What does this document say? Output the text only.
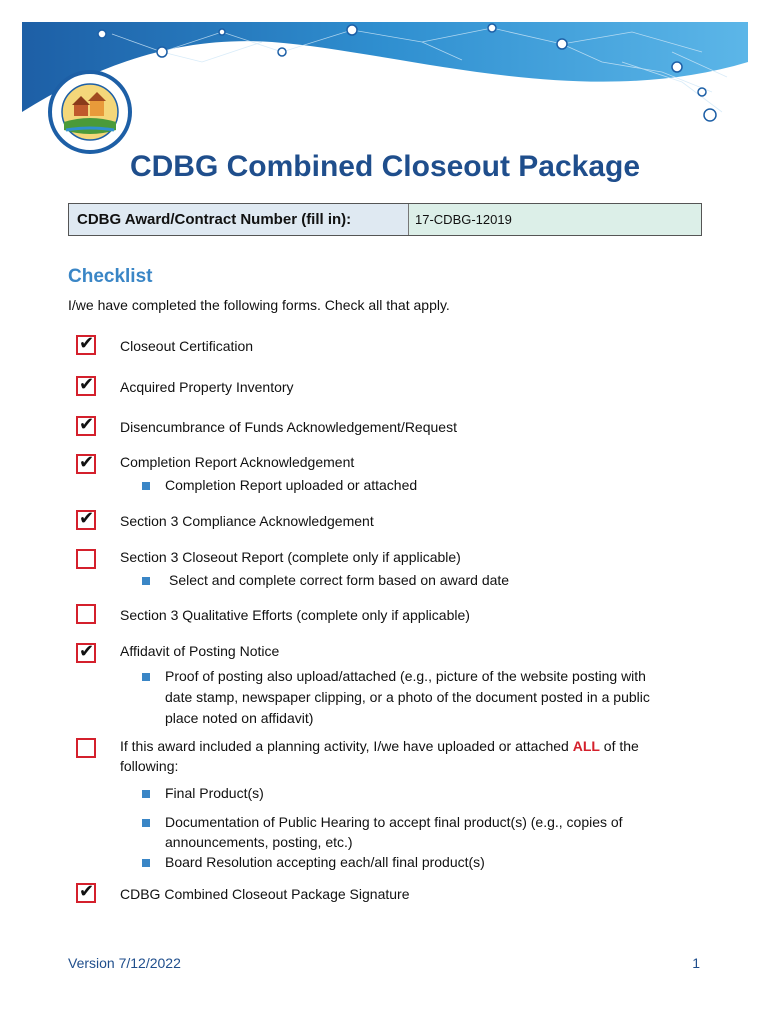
CDBG Combined Closeout Package
CDBG Award/Contract Number (fill in):	17-CDBG-12019
Checklist
I/we have completed the following forms. Check all that apply.
✔ Closeout Certification
✔ Acquired Property Inventory
✔ Disencumbrance of Funds Acknowledgement/Request
✔ Completion Report Acknowledgement
Completion Report uploaded or attached
✔ Section 3 Compliance Acknowledgement
Section 3 Closeout Report (complete only if applicable)
Select and complete correct form based on award date
Section 3 Qualitative Efforts (complete only if applicable)
✔ Affidavit of Posting Notice
Proof of posting also upload/attached (e.g., picture of the website posting with
date stamp, newspaper clipping, or a photo of the document posted in a public
place noted on affidavit)
If this award included a planning activity, I/we have uploaded or attached ALL of the
following:
Final Product(s)
Documentation of Public Hearing to accept final product(s) (e.g., copies of
announcements, posting, etc.)
Board Resolution accepting each/all final product(s)
✔ CDBG Combined Closeout Package Signature
Version 7/12/2022	1
